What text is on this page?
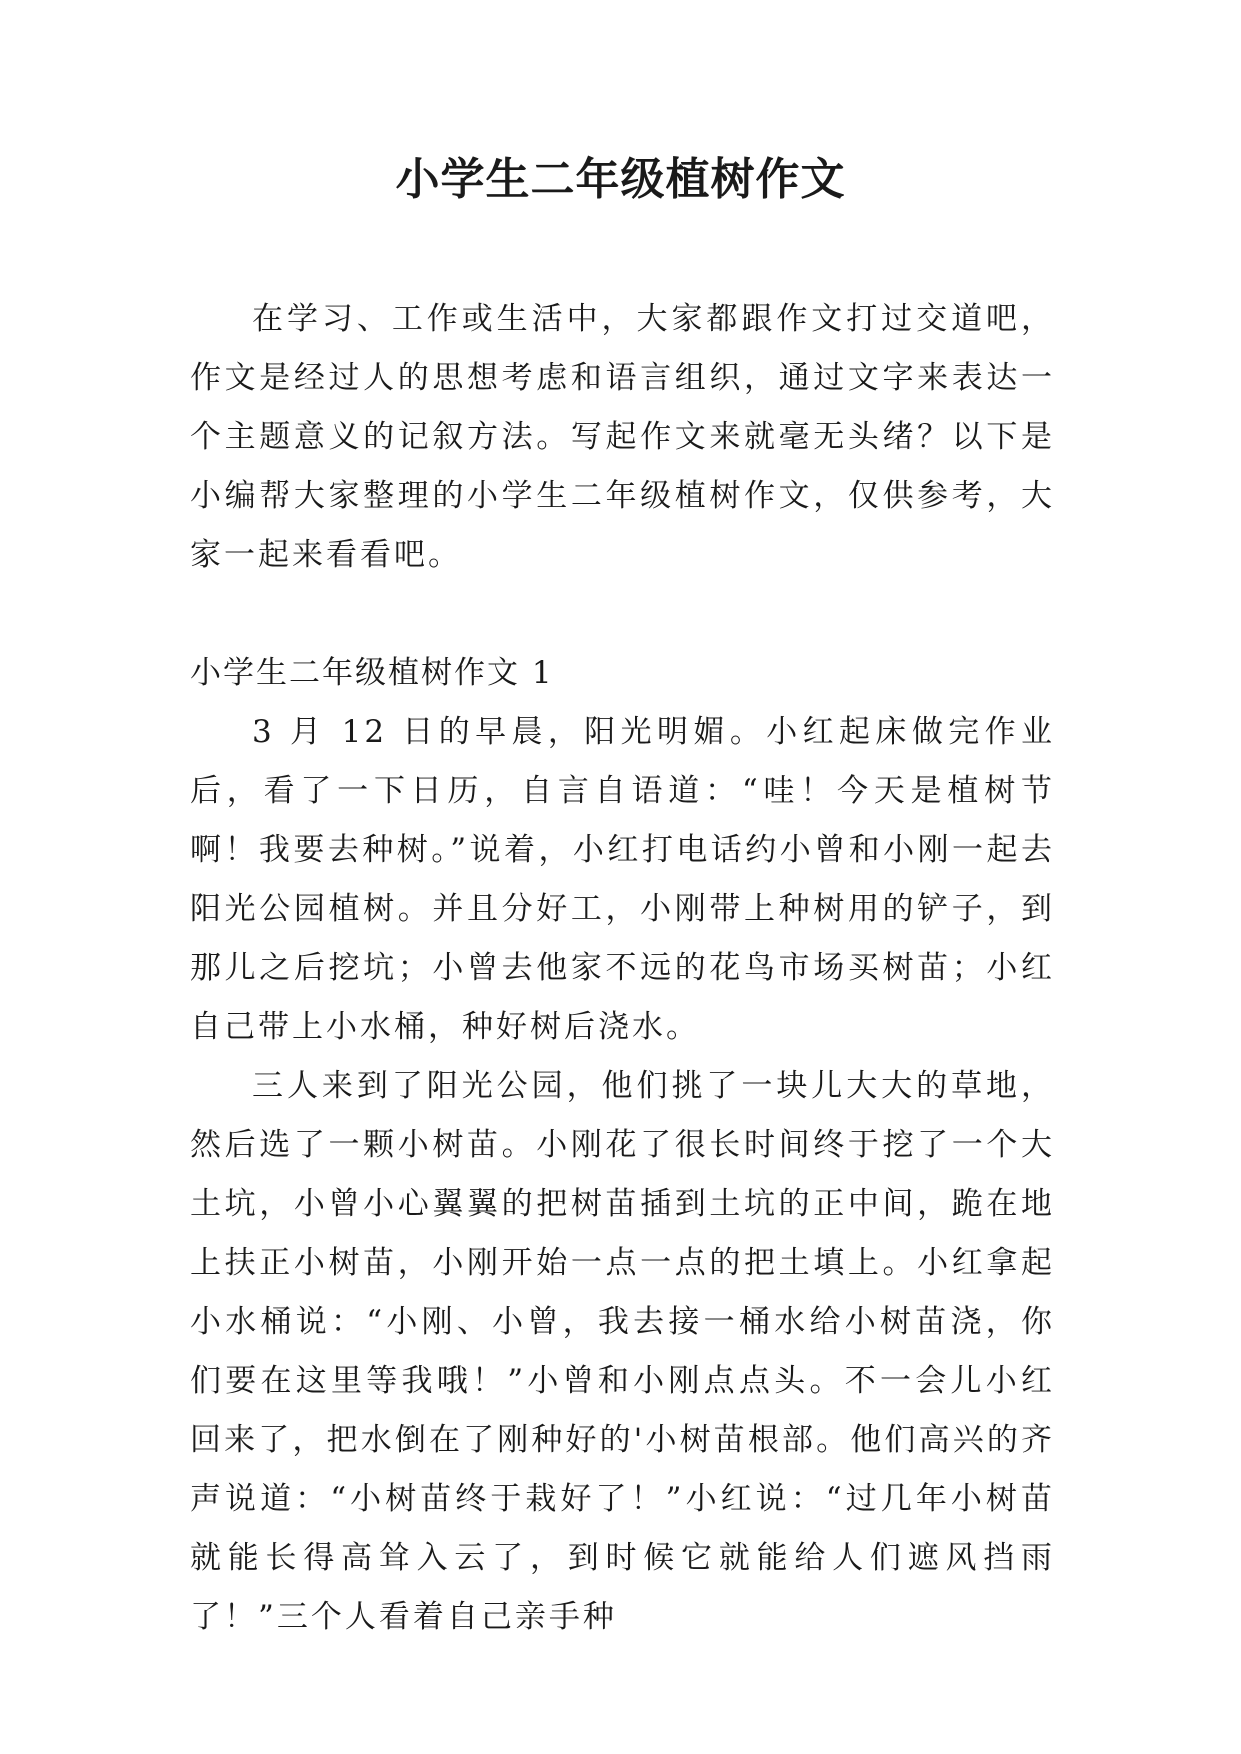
小学生二年级植树作文

在学习、工作或生活中，大家都跟作文打过交道吧，作文是经过人的思想考虑和语言组织，通过文字来表达一个主题意义的记叙方法。写起作文来就毫无头绪？以下是小编帮大家整理的小学生二年级植树作文，仅供参考，大家一起来看看吧。

小学生二年级植树作文 1

3 月 12 日的早晨，阳光明媚。小红起床做完作业后，看了一下日历，自言自语道：“哇！今天是植树节啊！我要去种树。”说着，小红打电话约小曾和小刚一起去阳光公园植树。并且分好工，小刚带上种树用的铲子，到那儿之后挖坑；小曾去他家不远的花鸟市场买树苗；小红自己带上小水桶，种好树后浇水。

三人来到了阳光公园，他们挑了一块儿大大的草地，然后选了一颗小树苗。小刚花了很长时间终于挖了一个大土坑，小曾小心翼翼的把树苗插到土坑的正中间，跪在地上扶正小树苗，小刚开始一点一点的把土填上。小红拿起小水桶说：“小刚、小曾，我去接一桶水给小树苗浇，你们要在这里等我哦！”小曾和小刚点点头。不一会儿小红回来了，把水倒在了刚种好的'小树苗根部。他们高兴的齐声说道：“小树苗终于栽好了！”小红说：“过几年小树苗就能长得高耸入云了，到时候它就能给人们遮风挡雨了！”三个人看着自己亲手种
